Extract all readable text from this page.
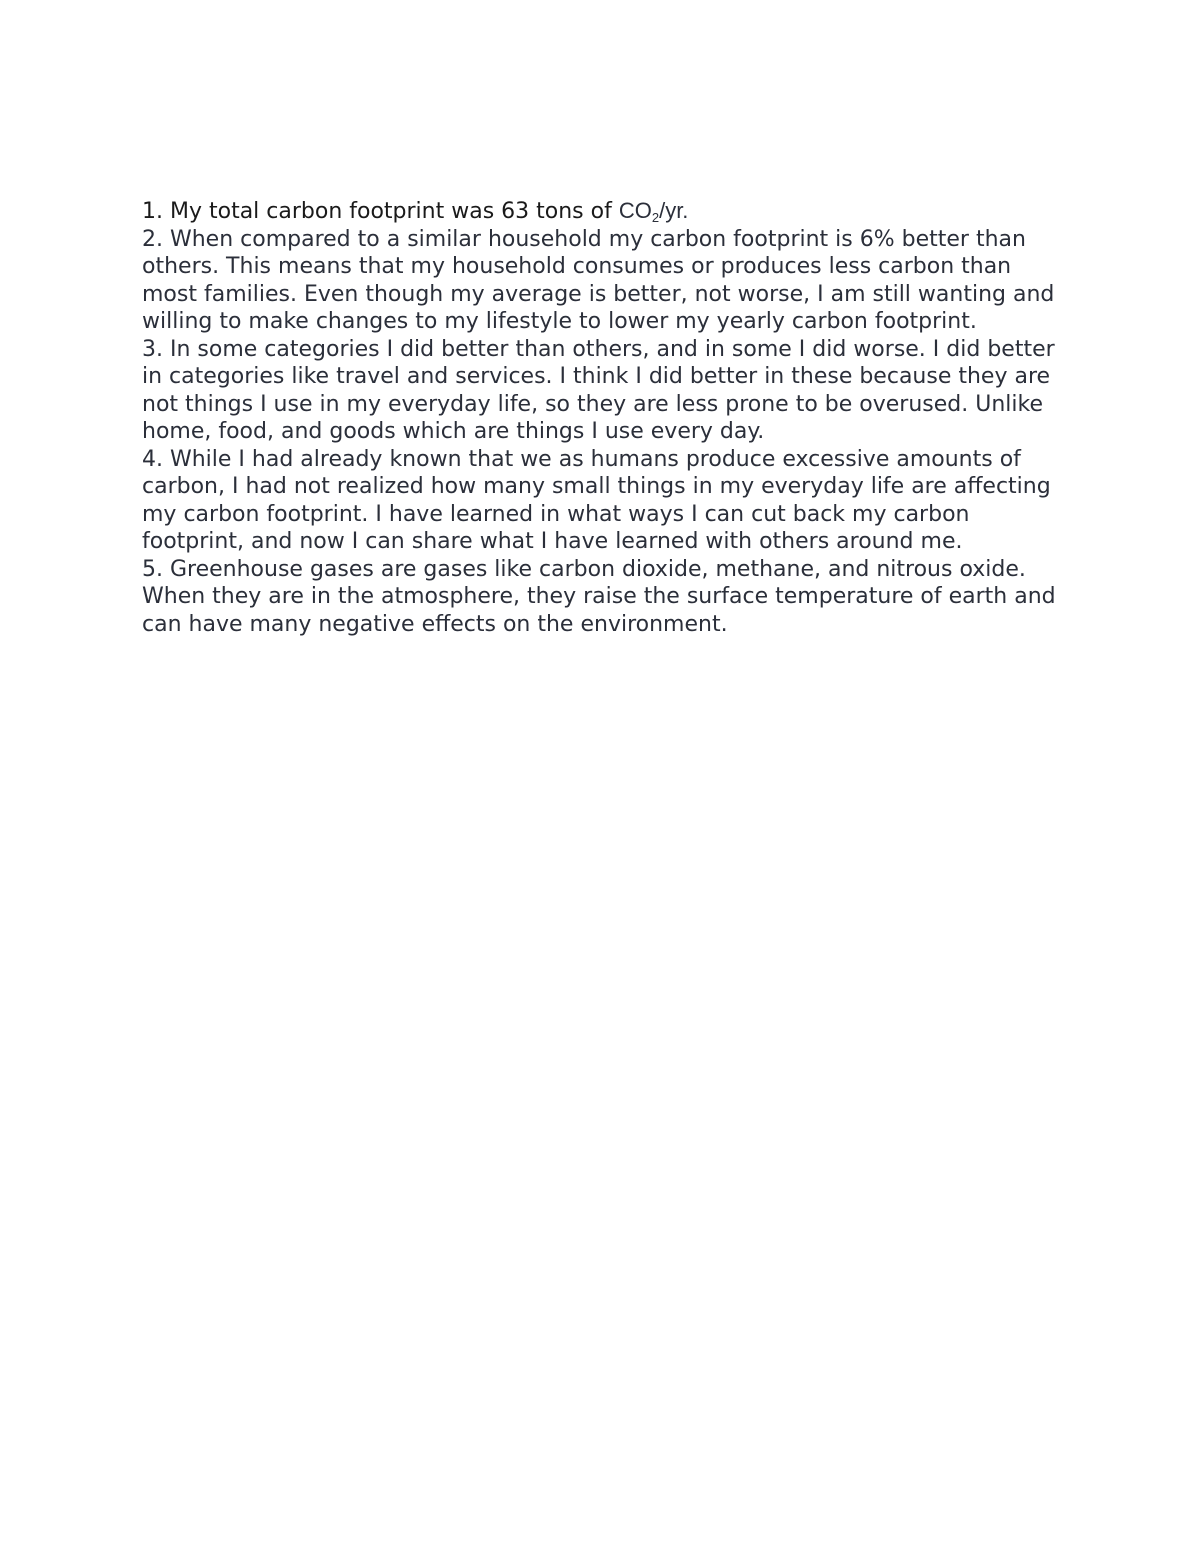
1. My total carbon footprint was 63 tons of $CO_2/yr$.

2. When compared to a similar household my carbon footprint is 6% better than others. This means that my household consumes or produces less carbon than most families. Even though my average is better, not worse, I am still wanting and willing to make changes to my lifestyle to lower my yearly carbon footprint.

3. In some categories I did better than others, and in some I did worse. I did better in categories like travel and services. I think I did better in these because they are not things I use in my everyday life, so they are less prone to be overused. Unlike home, food, and goods which are things I use every day.

4. While I had already known that we as humans produce excessive amounts of carbon, I had not realized how many small things in my everyday life are affecting my carbon footprint. I have learned in what ways I can cut back my carbon footprint, and now I can share what I have learned with others around me.

5. Greenhouse gases are gases like carbon dioxide, methane, and nitrous oxide. When they are in the atmosphere, they raise the surface temperature of earth and can have many negative effects on the environment.
